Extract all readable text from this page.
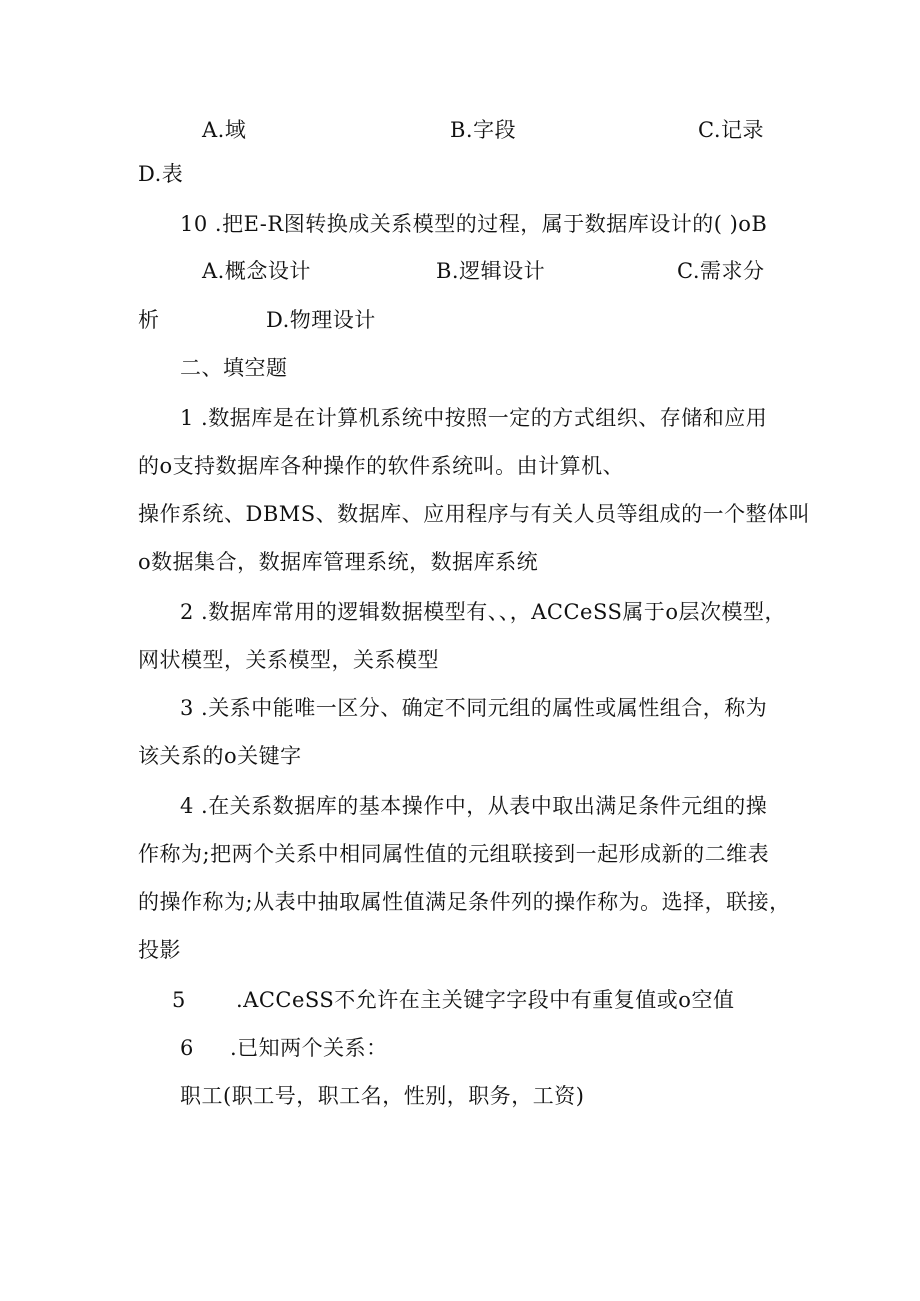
A.域	B.字段	C.记录
D.表
10 .把E-R图转换成关系模型的过程，属于数据库设计的( )oB
A.概念设计	B.逻辑设计	C.需求分
析	D.物理设计
二、填空题
1 .数据库是在计算机系统中按照一定的方式组织、存储和应用
的o支持数据库各种操作的软件系统叫。由计算机、
操作系统、DBMS、数据库、应用程序与有关人员等组成的一个整体叫
o数据集合，数据库管理系统，数据库系统
2 .数据库常用的逻辑数据模型有、、，ACCeSS属于o层次模型，
网状模型，关系模型，关系模型
3 .关系中能唯一区分、确定不同元组的属性或属性组合，称为
该关系的o关键字
4 .在关系数据库的基本操作中，从表中取出满足条件元组的操
作称为;把两个关系中相同属性值的元组联接到一起形成新的二维表
的操作称为;从表中抽取属性值满足条件列的操作称为。选择，联接，
投影
5 .ACCeSS不允许在主关键字字段中有重复值或o空值
6 .已知两个关系：
职工(职工号，职工名，性别，职务，工资)
